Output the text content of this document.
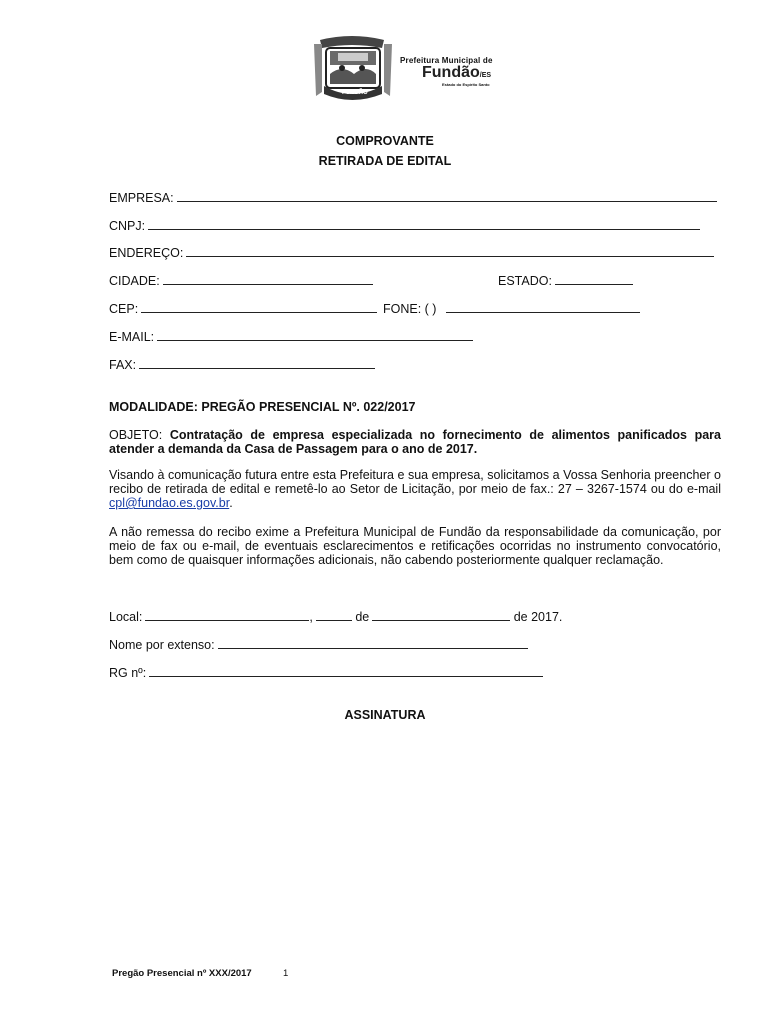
FUNDÃO
Prefeitura Municipal de
Fundão/ES
Estado do Espírito Santo
COMPROVANTE
RETIRADA DE EDITAL
EMPRESA:
CNPJ:
ENDEREÇO:
CIDADE:	ESTADO:
CEP:	FONE: ( )
E-MAIL:
FAX:
MODALIDADE: PREGÃO PRESENCIAL Nº. 022/2017
OBJETO: Contratação de empresa especializada no fornecimento de alimentos panificados para atender a demanda da Casa de Passagem para o ano de 2017.
Visando à comunicação futura entre esta Prefeitura e sua empresa, solicitamos a Vossa Senhoria preencher o recibo de retirada de edital e remetê-lo ao Setor de Licitação, por meio de fax.: 27 – 3267-1574 ou do e-mail cpl@fundao.es.gov.br.
A não remessa do recibo exime a Prefeitura Municipal de Fundão da responsabilidade da comunicação, por meio de fax ou e-mail, de eventuais esclarecimentos e retificações ocorridas no instrumento convocatório, bem como de quaisquer informações adicionais, não cabendo posteriormente qualquer reclamação.
Local:	,	de	de 2017.
Nome por extenso:
RG nº:
ASSINATURA
Pregão Presencial nº XXX/2017	1
